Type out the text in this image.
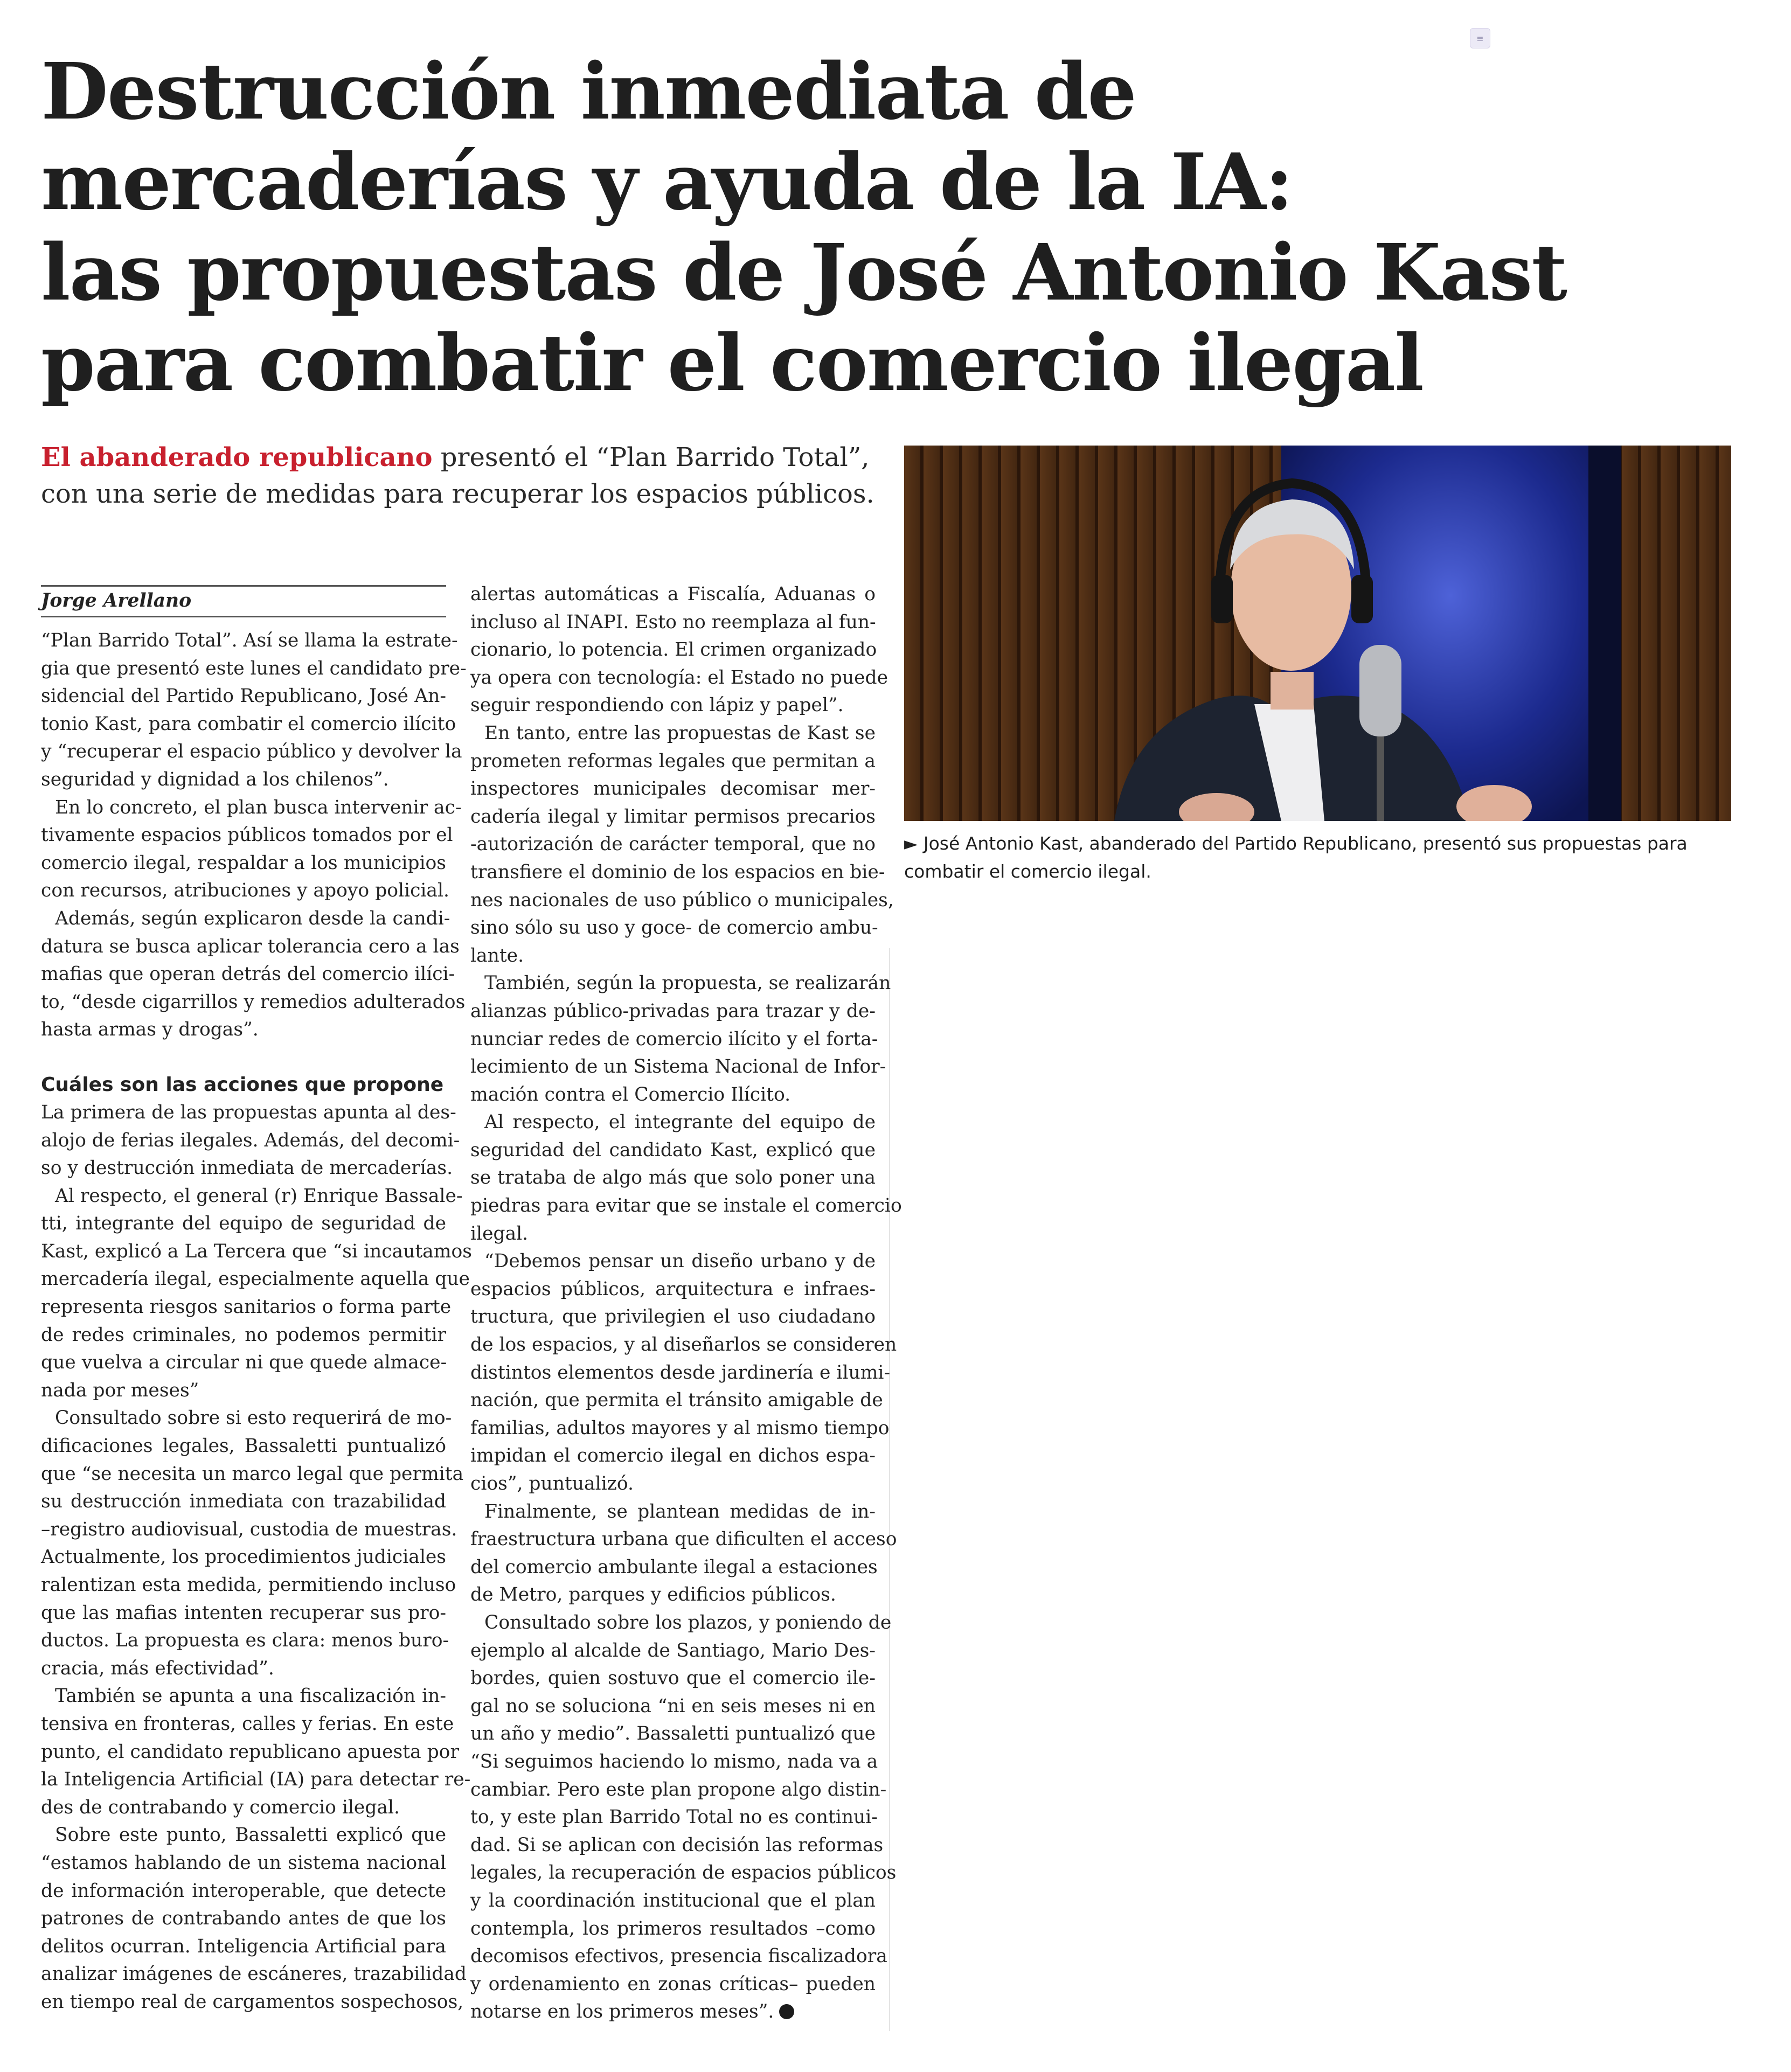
≡
Destrucción inmediata de
mercaderías y ayuda de la IA:
las propuestas de José Antonio Kast
para combatir el comercio ilegal

El abanderado republicano presentó el “Plan Barrido Total”,
con una serie de medidas para recuperar los espacios públicos.

► José Antonio Kast, abanderado del Partido Republicano, presentó sus propuestas para
combatir el comercio ilegal.

Jorge Arellano
“Plan Barrido Total”. Así se llama la estrate-
gia que presentó este lunes el candidato pre-
sidencial del Partido Republicano, José An-
tonio Kast, para combatir el comercio ilícito
y “recuperar el espacio público y devolver la
seguridad y dignidad a los chilenos”.
En lo concreto, el plan busca intervenir ac-
tivamente espacios públicos tomados por el
comercio ilegal, respaldar a los municipios
con recursos, atribuciones y apoyo policial.
Además, según explicaron desde la candi-
datura se busca aplicar tolerancia cero a las
mafias que operan detrás del comercio ilíci-
to, “desde cigarrillos y remedios adulterados
hasta armas y drogas”.
Cuáles son las acciones que propone
La primera de las propuestas apunta al des-
alojo de ferias ilegales. Además, del decomi-
so y destrucción inmediata de mercaderías.
Al respecto, el general (r) Enrique Bassale-
tti, integrante del equipo de seguridad de
Kast, explicó a La Tercera que “si incautamos
mercadería ilegal, especialmente aquella que
representa riesgos sanitarios o forma parte
de redes criminales, no podemos permitir
que vuelva a circular ni que quede almace-
nada por meses”
Consultado sobre si esto requerirá de mo-
dificaciones legales, Bassaletti puntualizó
que “se necesita un marco legal que permita
su destrucción inmediata con trazabilidad
–registro audiovisual, custodia de muestras.
Actualmente, los procedimientos judiciales
ralentizan esta medida, permitiendo incluso
que las mafias intenten recuperar sus pro-
ductos. La propuesta es clara: menos buro-
cracia, más efectividad”.
También se apunta a una fiscalización in-
tensiva en fronteras, calles y ferias. En este
punto, el candidato republicano apuesta por
la Inteligencia Artificial (IA) para detectar re-
des de contrabando y comercio ilegal.
Sobre este punto, Bassaletti explicó que
“estamos hablando de un sistema nacional
de información interoperable, que detecte
patrones de contrabando antes de que los
delitos ocurran. Inteligencia Artificial para
analizar imágenes de escáneres, trazabilidad
en tiempo real de cargamentos sospechosos,
alertas automáticas a Fiscalía, Aduanas o
incluso al INAPI. Esto no reemplaza al fun-
cionario, lo potencia. El crimen organizado
ya opera con tecnología: el Estado no puede
seguir respondiendo con lápiz y papel”.
En tanto, entre las propuestas de Kast se
prometen reformas legales que permitan a
inspectores municipales decomisar mer-
cadería ilegal y limitar permisos precarios
-autorización de carácter temporal, que no
transfiere el dominio de los espacios en bie-
nes nacionales de uso público o municipales,
sino sólo su uso y goce- de comercio ambu-
lante.
También, según la propuesta, se realizarán
alianzas público-privadas para trazar y de-
nunciar redes de comercio ilícito y el forta-
lecimiento de un Sistema Nacional de Infor-
mación contra el Comercio Ilícito.
Al respecto, el integrante del equipo de
seguridad del candidato Kast, explicó que
se trataba de algo más que solo poner una
piedras para evitar que se instale el comercio
ilegal.
“Debemos pensar un diseño urbano y de
espacios públicos, arquitectura e infraes-
tructura, que privilegien el uso ciudadano
de los espacios, y al diseñarlos se consideren
distintos elementos desde jardinería e ilumi-
nación, que permita el tránsito amigable de
familias, adultos mayores y al mismo tiempo
impidan el comercio ilegal en dichos espa-
cios”, puntualizó.
Finalmente, se plantean medidas de in-
fraestructura urbana que dificulten el acceso
del comercio ambulante ilegal a estaciones
de Metro, parques y edificios públicos.
Consultado sobre los plazos, y poniendo de
ejemplo al alcalde de Santiago, Mario Des-
bordes, quien sostuvo que el comercio ile-
gal no se soluciona “ni en seis meses ni en
un año y medio”. Bassaletti puntualizó que
“Si seguimos haciendo lo mismo, nada va a
cambiar. Pero este plan propone algo distin-
to, y este plan Barrido Total no es continui-
dad. Si se aplican con decisión las reformas
legales, la recuperación de espacios públicos
y la coordinación institucional que el plan
contempla, los primeros resultados –como
decomisos efectivos, presencia fiscalizadora
y ordenamiento en zonas críticas– pueden
notarse en los primeros meses”.
